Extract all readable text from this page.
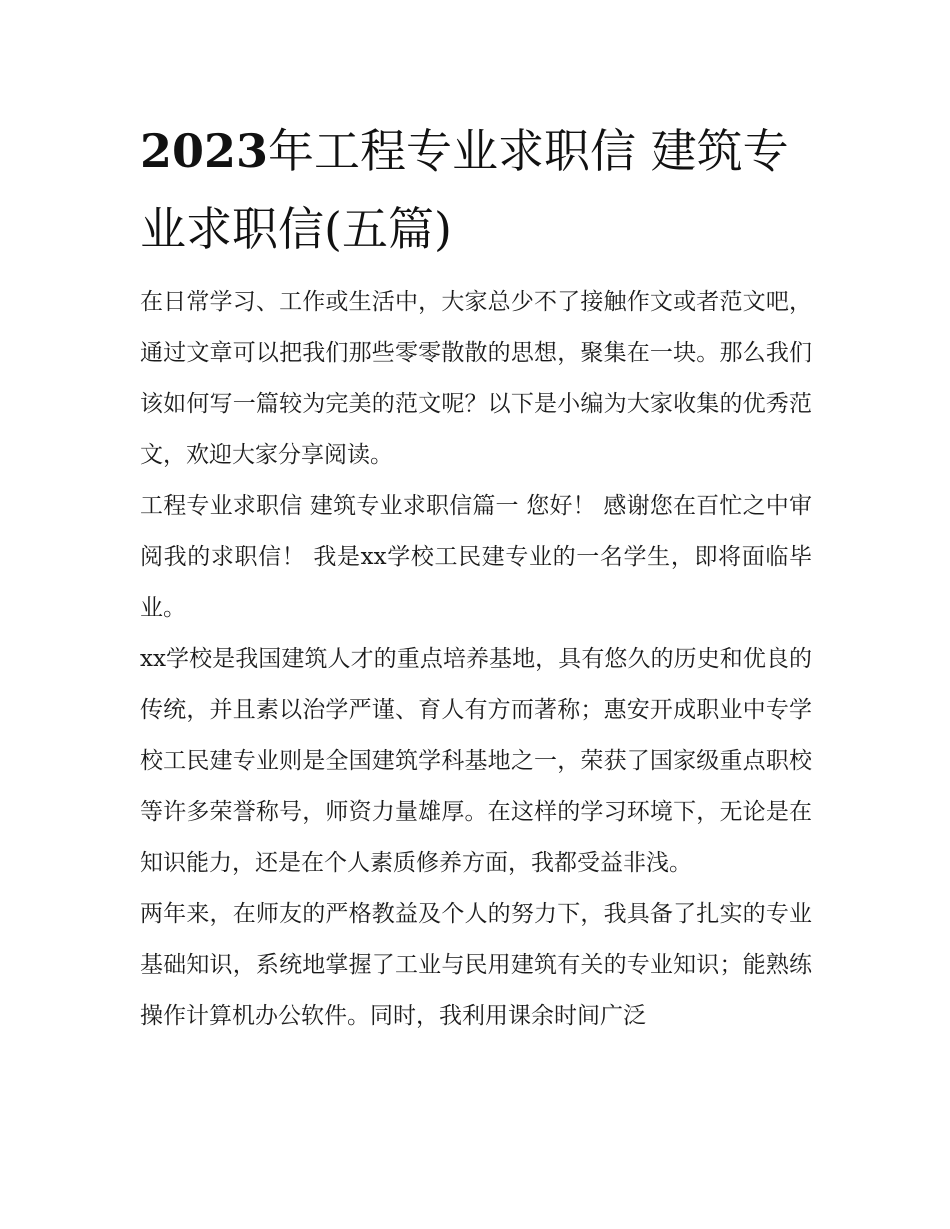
2023年工程专业求职信 建筑专业求职信(五篇)

在日常学习、工作或生活中，大家总少不了接触作文或者范文吧，通过文章可以把我们那些零零散散的思想，聚集在一块。那么我们该如何写一篇较为完美的范文呢？以下是小编为大家收集的优秀范文，欢迎大家分享阅读。

工程专业求职信 建筑专业求职信篇一 您好！ 感谢您在百忙之中审阅我的求职信！ 我是xx学校工民建专业的一名学生，即将面临毕业。

xx学校是我国建筑人才的重点培养基地，具有悠久的历史和优良的传统，并且素以治学严谨、育人有方而著称；惠安开成职业中专学校工民建专业则是全国建筑学科基地之一，荣获了国家级重点职校等许多荣誉称号，师资力量雄厚。在这样的学习环境下，无论是在知识能力，还是在个人素质修养方面，我都受益非浅。

两年来，在师友的严格教益及个人的努力下，我具备了扎实的专业基础知识，系统地掌握了工业与民用建筑有关的专业知识；能熟练操作计算机办公软件。同时，我利用课余时间广泛
